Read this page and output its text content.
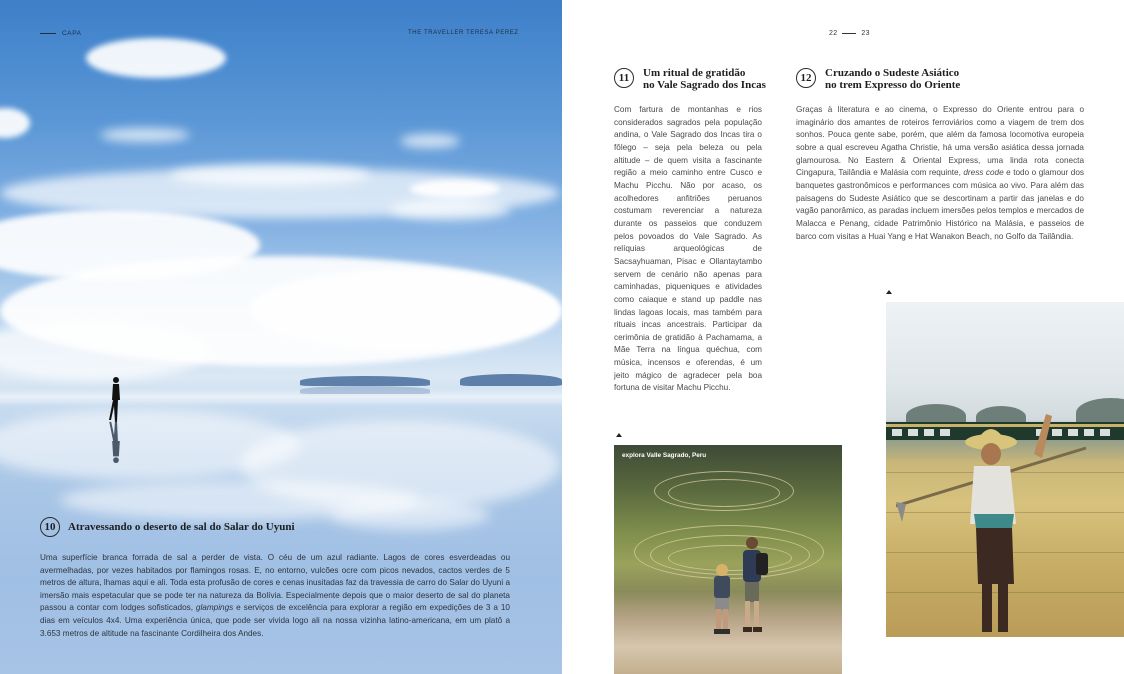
CAPA	THE TRAVELLER TERESA PEREZ
10	Atravessando o deserto de sal do Salar do Uyuni

Uma superfície branca forrada de sal a perder de vista. O céu de um azul radiante. Lagos de cores esverdeadas ou avermelhadas, por vezes habitados por flamingos rosas. E, no entorno, vulcões ocre com picos nevados, cactos verdes de 5 metros de altura, lhamas aqui e ali. Toda esta profusão de cores e cenas inusitadas faz da travessia de carro do Salar do Uyuni a imersão mais espetacular que se pode ter na natureza da Bolívia. Especialmente depois que o maior deserto de sal do planeta passou a contar com lodges sofisticados, glampings e serviços de excelência para explorar a região em expedições de 3 a 10 dias em veículos 4x4. Uma experiência única, que pode ser vivida logo ali na nossa vizinha latino-americana, em um platô a 3.653 metros de altitude na fascinante Cordilheira dos Andes.

22	23
11	Um ritual de gratidão
no Vale Sagrado dos Incas

Com fartura de montanhas e rios considerados sagrados pela população andina, o Vale Sagrado dos Incas tira o fôlego – seja pela beleza ou pela altitude – de quem visita a fascinante região a meio caminho entre Cusco e Machu Picchu. Não por acaso, os acolhedores anfitriões peruanos costumam reverenciar a natureza durante os passeios que conduzem pelos povoados do Vale Sagrado. As relíquias arqueológicas de Sacsayhuaman, Pisac e Ollantaytambo servem de cenário não apenas para caminhadas, piqueniques e atividades como caiaque e stand up paddle nas lindas lagoas locais, mas também para rituais incas ancestrais. Participar da cerimônia de gratidão à Pachamama, a Mãe Terra na língua quéchua, com música, incensos e oferendas, é um jeito mágico de agradecer pela boa fortuna de visitar Machu Picchu.

12	Cruzando o Sudeste Asiático
no trem Expresso do Oriente

Graças à literatura e ao cinema, o Expresso do Oriente entrou para o imaginário dos amantes de roteiros ferroviários como a viagem de trem dos sonhos. Pouca gente sabe, porém, que além da famosa locomotiva europeia sobre a qual escreveu Agatha Christie, há uma versão asiática dessa jornada glamourosa. No Eastern & Oriental Express, uma linda rota conecta Cingapura, Tailândia e Malásia com requinte, dress code e todo o glamour dos banquetes gastronômicos e performances com música ao vivo. Para além das paisagens do Sudeste Asiático que se descortinam a partir das janelas e do vagão panorâmico, as paradas incluem imersões pelos templos e mercados de Malacca e Penang, cidade Patrimônio Histórico na Malásia, e passeios de barco com visitas a Huai Yang e Hat Wanakon Beach, no Golfo da Tailândia.

explora Valle Sagrado, Peru
